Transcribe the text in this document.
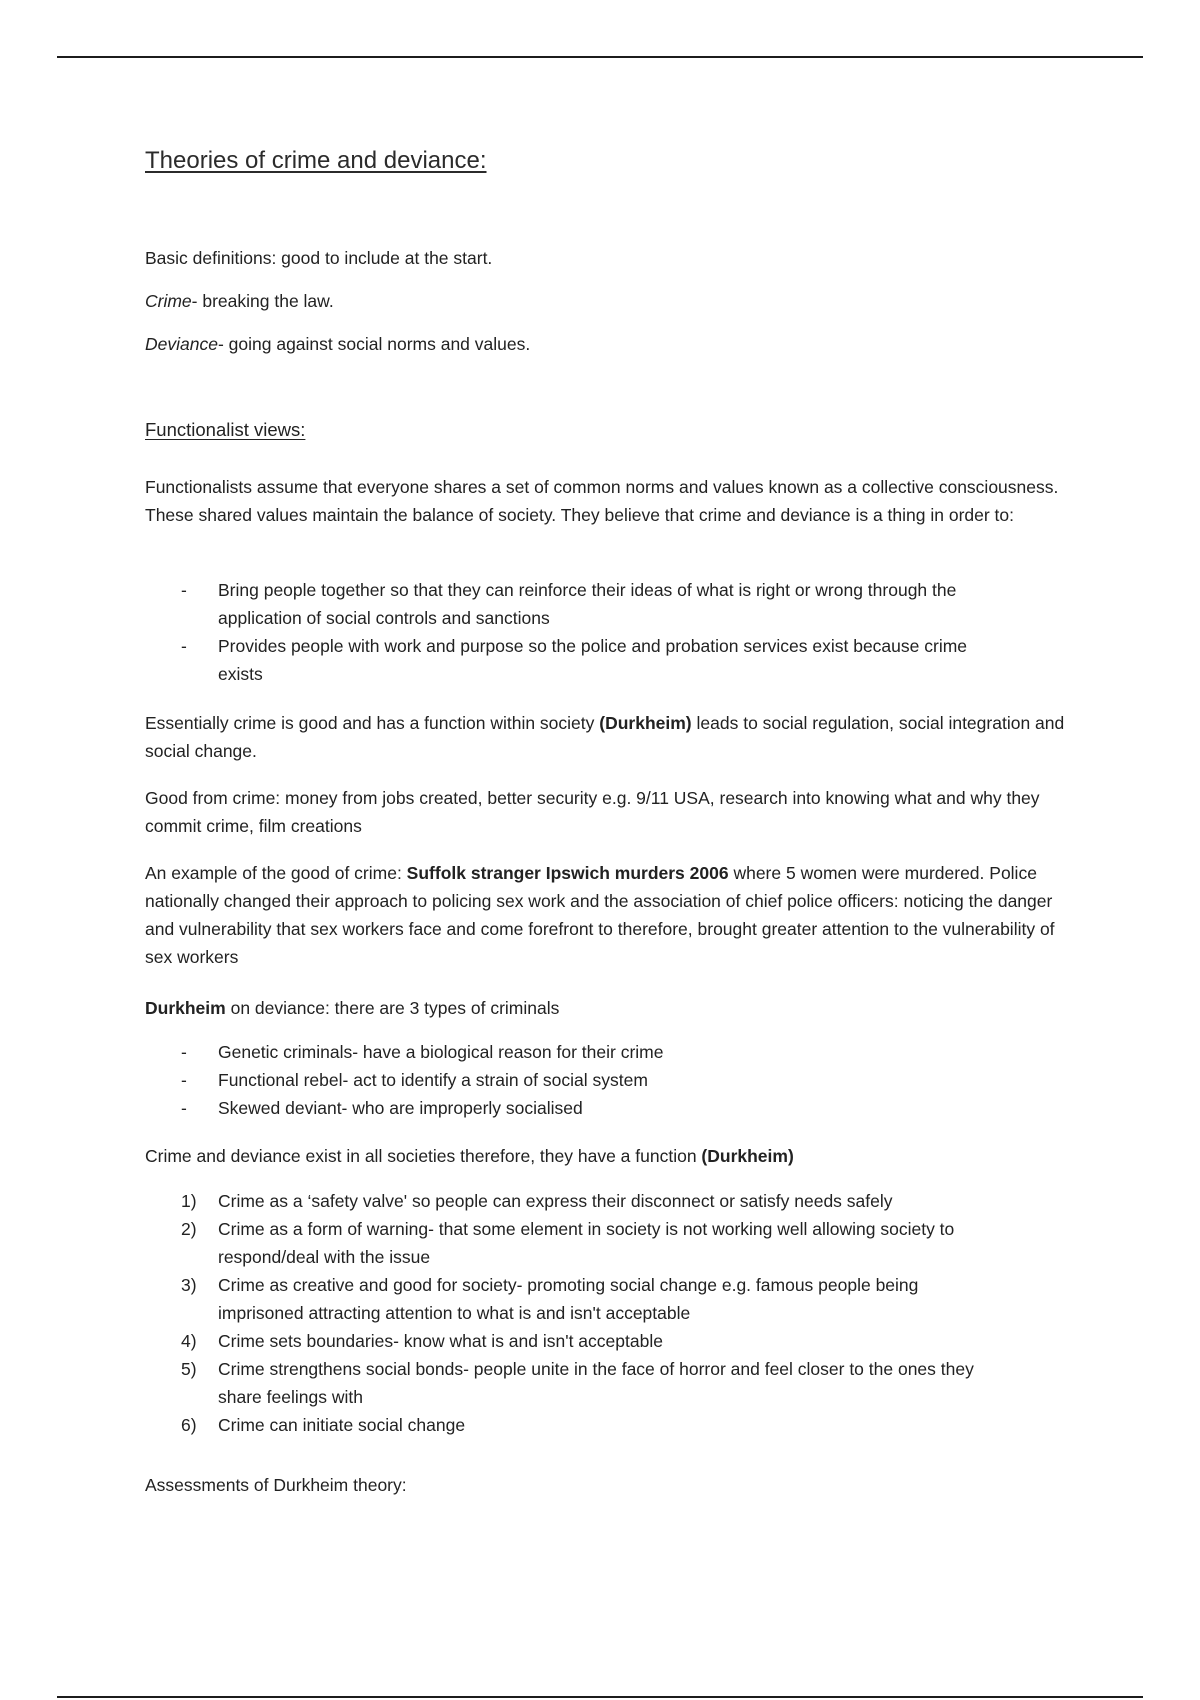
Theories of crime and deviance:

Basic definitions: good to include at the start.

Crime- breaking the law.

Deviance- going against social norms and values.

Functionalist views:

Functionalists assume that everyone shares a set of common norms and values known as a collective consciousness. These shared values maintain the balance of society. They believe that crime and deviance is a thing in order to:

- Bring people together so that they can reinforce their ideas of what is right or wrong through the application of social controls and sanctions
- Provides people with work and purpose so the police and probation services exist because crime exists

Essentially crime is good and has a function within society (Durkheim) leads to social regulation, social integration and social change.

Good from crime: money from jobs created, better security e.g. 9/11 USA, research into knowing what and why they commit crime, film creations

An example of the good of crime: Suffolk stranger Ipswich murders 2006 where 5 women were murdered. Police nationally changed their approach to policing sex work and the association of chief police officers: noticing the danger and vulnerability that sex workers face and come forefront to therefore, brought greater attention to the vulnerability of sex workers

Durkheim on deviance: there are 3 types of criminals

- Genetic criminals- have a biological reason for their crime
- Functional rebel- act to identify a strain of social system
- Skewed deviant- who are improperly socialised

Crime and deviance exist in all societies therefore, they have a function (Durkheim)

1) Crime as a ‘safety valve' so people can express their disconnect or satisfy needs safely
2) Crime as a form of warning- that some element in society is not working well allowing society to respond/deal with the issue
3) Crime as creative and good for society- promoting social change e.g. famous people being imprisoned attracting attention to what is and isn't acceptable
4) Crime sets boundaries- know what is and isn't acceptable
5) Crime strengthens social bonds- people unite in the face of horror and feel closer to the ones they share feelings with
6) Crime can initiate social change

Assessments of Durkheim theory:
